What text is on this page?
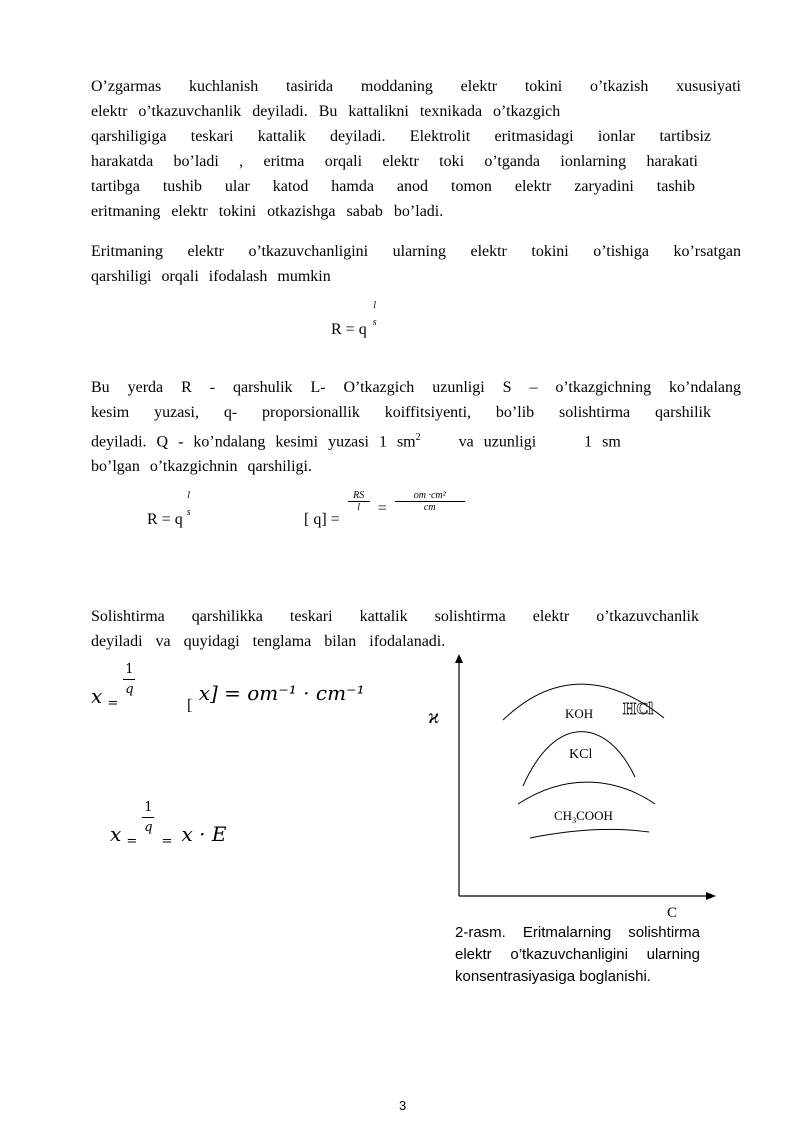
O’zgarmas kuchlanish tasirida moddaning elektr tokini o’tkazish xususiyati
elektr o’tkazuvchanlik deyiladi. Bu kattalikni texnikada o’tkazgich
qarshiligiga teskari kattalik deyiladi. Elektrolit eritmasidagi ionlar tartibsiz
harakatda bo’ladi , eritma orqali elektr toki o’tganda ionlarning harakati
tartibga tushib ular katod hamda anod tomon elektr zaryadini tashib
eritmaning elektr tokini otkazishga sabab bo’ladi.
Eritmaning elektr o’tkazuvchanligini ularning elektr tokini o’tishiga ko’rsatgan
qarshiligi orqali ifodalash mumkin
R = q
l
s
Bu yerda R - qarshulik L- O’tkazgich uzunligi S – o’tkazgichning ko’ndalang
kesim yuzasi, q- proporsionallik koiffitsiyenti, bo’lib solishtirma qarshilik
deyiladi. Q - ko’ndalang kesimi yuzasi 1 $sm^2$ va uzunligi	1 sm
bo’lgan o’tkazgichnin qarshiligi.
R = q
l
s	[ q] =
$\frac{RS}{l} = \frac{\text{om ·cm²}}{cm}$
Solishtirma qarshilikka teskari kattalik solishtirma elektr o’tkazuvchanlik
deyiladi va quyidagi tenglama bilan ifodalanadi.
x $_=$
$\frac{1}{q}$
$_[$ x] = om⁻¹ · cm⁻¹
x $_=$
$\frac{1}{q}$
$_=$ x · E
ϰ
C
KOH HCl
KCl
$CH_3COOH$
2-rasm. Eritmalarning solishtirma elektr o’tkazuvchanligini ularning konsentrasiyasiga boglanishi.
3
